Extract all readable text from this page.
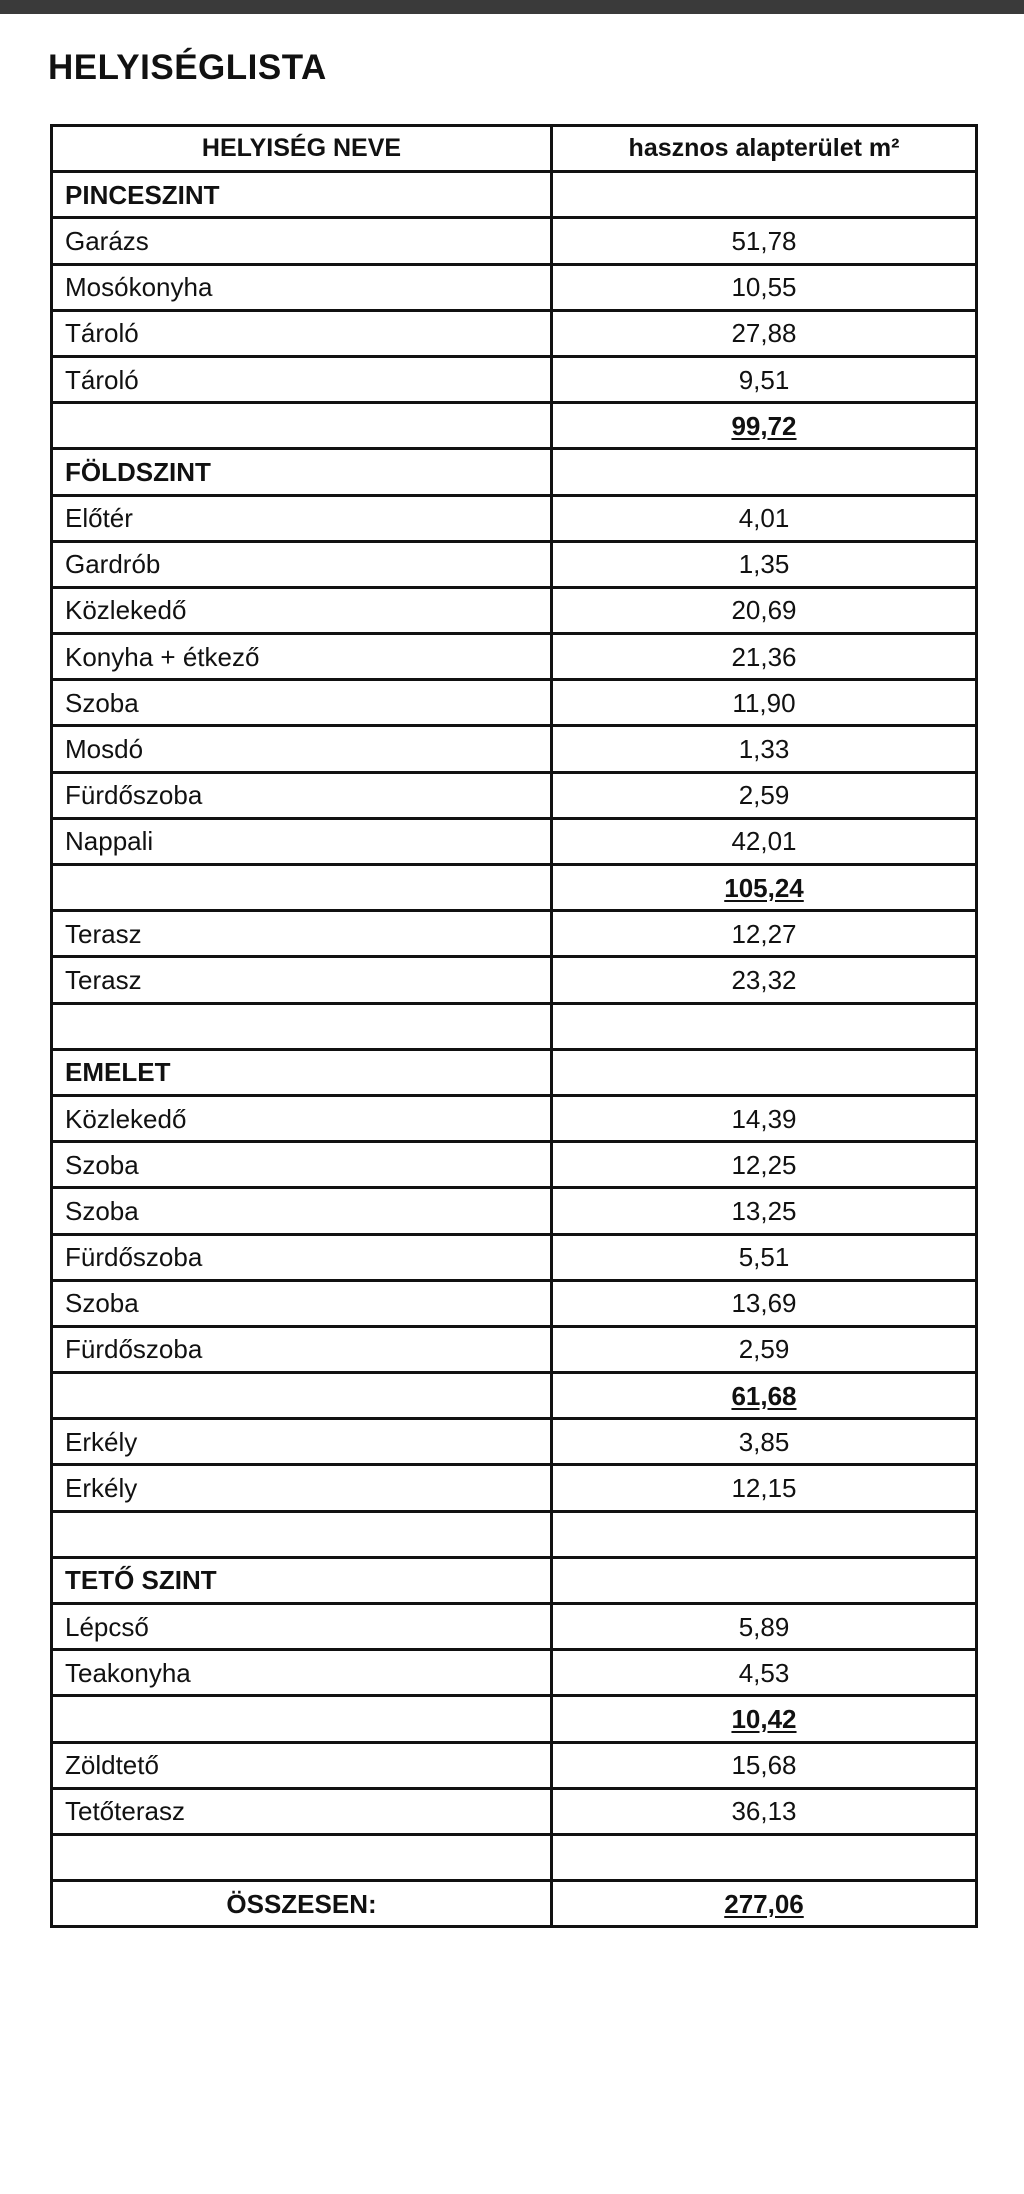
HELYISÉGLISTA
HELYISÉG NEVE	hasznos alapterület m²
PINCESZINT	
Garázs	51,78
Mosókonyha	10,55
Tároló	27,88
Tároló	9,51
	99,72
FÖLDSZINT	
Előtér	4,01
Gardrób	1,35
Közlekedő	20,69
Konyha + étkező	21,36
Szoba	11,90
Mosdó	1,33
Fürdőszoba	2,59
Nappali	42,01
	105,24
Terasz	12,27
Terasz	23,32

EMELET	
Közlekedő	14,39
Szoba	12,25
Szoba	13,25
Fürdőszoba	5,51
Szoba	13,69
Fürdőszoba	2,59
	61,68
Erkély	3,85
Erkély	12,15

TETŐ SZINT	
Lépcső	5,89
Teakonyha	4,53
	10,42
Zöldtető	15,68
Tetőterasz	36,13

ÖSSZESEN:	277,06
